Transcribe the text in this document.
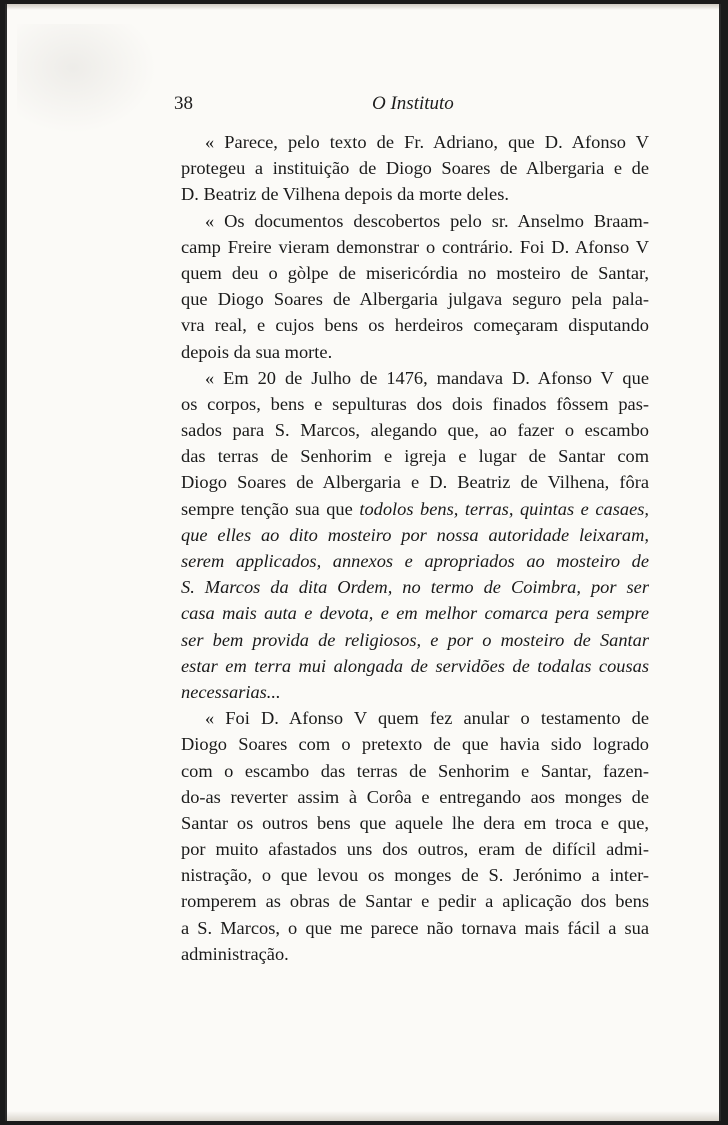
38	O Instituto
« Parece, pelo texto de Fr. Adriano, que D. Afonso V
protegeu a instituição de Diogo Soares de Albergaria e de
D. Beatriz de Vilhena depois da morte deles.
« Os documentos descobertos pelo sr. Anselmo Braam-
camp Freire vieram demonstrar o contrário. Foi D. Afonso V
quem deu o gòlpe de misericórdia no mosteiro de Santar,
que Diogo Soares de Albergaria julgava seguro pela pala-
vra real, e cujos bens os herdeiros começaram disputando
depois da sua morte.
« Em 20 de Julho de 1476, mandava D. Afonso V que
os corpos, bens e sepulturas dos dois finados fôssem pas-
sados para S. Marcos, alegando que, ao fazer o escambo
das terras de Senhorim e igreja e lugar de Santar com
Diogo Soares de Albergaria e D. Beatriz de Vilhena, fôra
sempre tenção sua que todolos bens, terras, quintas e casaes,
que elles ao dito mosteiro por nossa autoridade leixaram,
serem applicados, annexos e apropriados ao mosteiro de
S. Marcos da dita Ordem, no termo de Coimbra, por ser
casa mais auta e devota, e em melhor comarca pera sempre
ser bem provida de religiosos, e por o mosteiro de Santar
estar em terra mui alongada de servidões de todalas cousas
necessarias...
« Foi D. Afonso V quem fez anular o testamento de
Diogo Soares com o pretexto de que havia sido logrado
com o escambo das terras de Senhorim e Santar, fazen-
do-as reverter assim à Corôa e entregando aos monges de
Santar os outros bens que aquele lhe dera em troca e que,
por muito afastados uns dos outros, eram de difícil admi-
nistração, o que levou os monges de S. Jerónimo a inter-
romperem as obras de Santar e pedir a aplicação dos bens
a S. Marcos, o que me parece não tornava mais fácil a sua
administração.
